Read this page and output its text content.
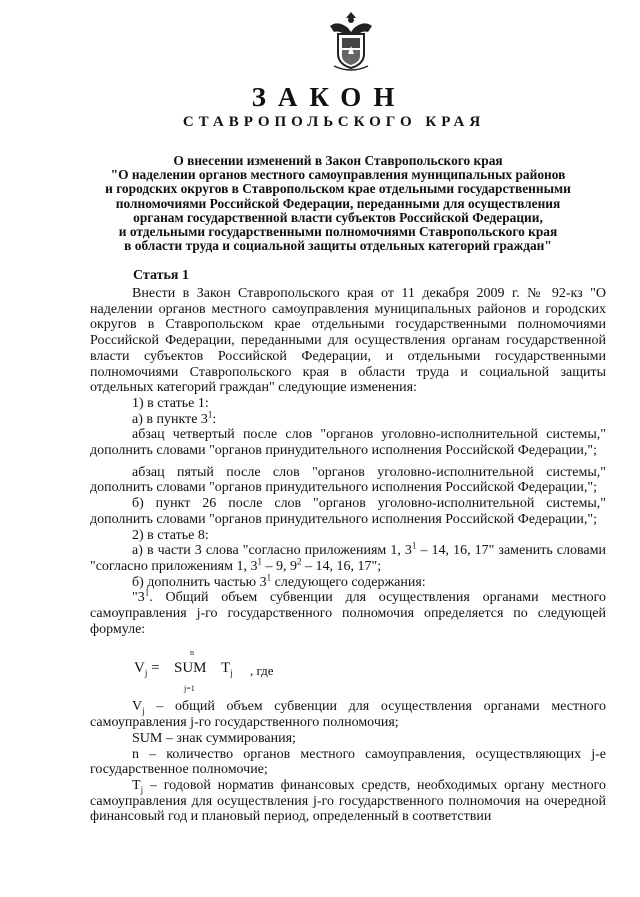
ЗАКОН
СТАВРОПОЛЬСКОГО КРАЯ
О внесении изменений в Закон Ставропольского края
"О наделении органов местного самоуправления муниципальных районов
и городских округов в Ставропольском крае отдельными государственными
полномочиями Российской Федерации, переданными для осуществления
органам государственной власти субъектов Российской Федерации,
и отдельными государственными полномочиями Ставропольского края
в области труда и социальной защиты отдельных категорий граждан"
Статья 1

Внести в Закон Ставропольского края от 11 декабря 2009 г. № 92-кз "О наделении органов местного самоуправления муниципальных районов и городских округов в Ставропольском крае отдельными государственными полномочиями Российской Федерации, переданными для осуществления органам государственной власти субъектов Российской Федерации, и отдельными государственными полномочиями Ставропольского края в области труда и социальной защиты отдельных категорий граждан" следующие изменения:

1) в статье 1:

а) в пункте $3^1$:

абзац четвертый после слов "органов уголовно-исполнительной системы," дополнить словами "органов принудительного исполнения Российской Федерации,";

абзац пятый после слов "органов уголовно-исполнительной системы," дополнить словами "органов принудительного исполнения Российской Федерации,";

б) пункт 26 после слов "органов уголовно-исполнительной системы," дополнить словами "органов принудительного исполнения Российской Федерации,";

2) в статье 8:

а) в части 3 слова "согласно приложениям 1, $3^1 - 14$, 16, 17" заменить словами "согласно приложениям 1, $3^1 - 9$, $9^2 - 14$, 16, 17";

б) дополнить частью $3^1$ следующего содержания:

"$3^1$. Общий объем субвенции для осуществления органами местного самоуправления j-го государственного полномочия определяется по следующей формуле:

$V_j$ =
n
SUM
j=1
$T_j$ , где

$V_j$ – общий объем субвенции для осуществления органами местного самоуправления j-го государственного полномочия;

SUM – знак суммирования;

n – количество органов местного самоуправления, осуществляющих j-е государственное полномочие;

$T_j$ – годовой норматив финансовых средств, необходимых органу местного самоуправления для осуществления j-го государственного полномочия на очередной финансовый год и плановый период, определенный в соответствии
